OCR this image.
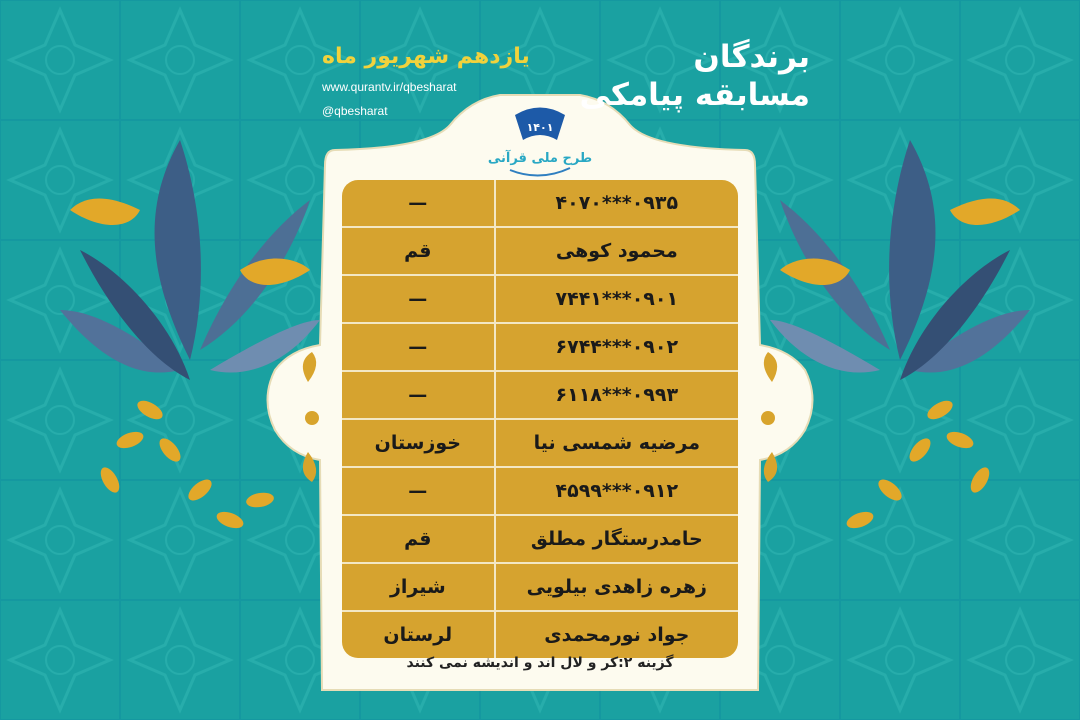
برندگان
مسابقه پیامکی
یازدهم شهریور ماه
www.qurantv.ir/qbesharat
@qbesharat
۱۴۰۱
طرح ملی قرآنی
۰۹۳۵***۴۰۷۰	—
محمود کوهی	قم
۰۹۰۱***۷۴۴۱	—
۰۹۰۲***۶۷۴۴	—
۰۹۹۳***۶۱۱۸	—
مرضیه شمسی نیا	خوزستان
۰۹۱۲***۴۵۹۹	—
حامدرستگار مطلق	قم
زهره زاهدی بیلویی	شیراز
جواد نورمحمدی	لرستان
گزینه ۲:کر و لال اند و اندیشه نمی کنند
